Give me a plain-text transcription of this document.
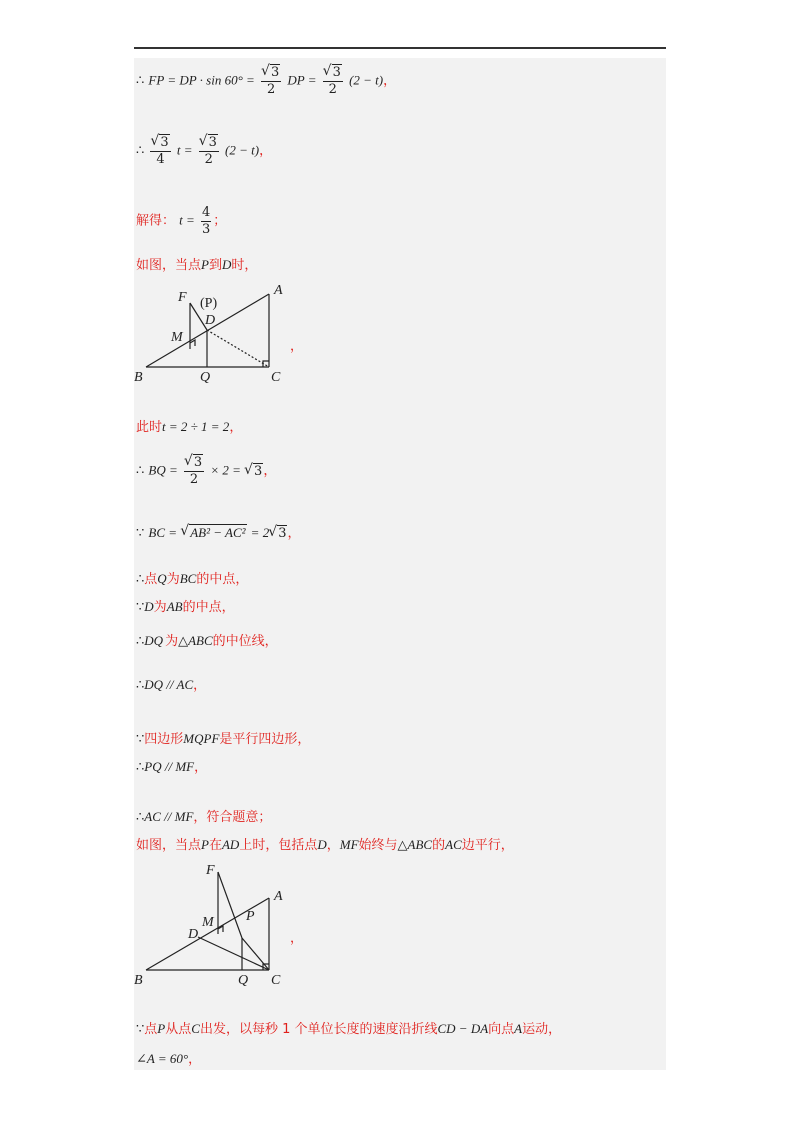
∴ FP = DP · sin 60° = √ $\frac{3}{2}$ DP = √ $\frac{3}{2} (2 - t)$，
∴ √ $\frac{3}{4}$ t = √ $\frac{3}{2} (2 - t)$，
解得： $t = \frac{4}{3}$ ；
如图，当点P到D时，
F (P)
D
A
M
B	Q	C
，
此时t = 2 ÷ 1 = 2，
∴ BQ = √ $\frac{3}{2} \times 2$ = √ 3，
∵ BC = √ AB² − AC² = 2 √ 3，
∴点Q为BC的中点，
∵D为AB的中点，
∴DQ 为△ABC的中位线，
∴DQ // AC，
∵四边形MQPF是平行四边形，
∴PQ // MF，
∴AC // MF，符合题意；
如图，当点P在AD上时，包括点D，MF始终与△ABC的AC边平行，
F
A
M P
D
B	Q C
，
∵点P从点C出发，以每秒 1 个单位长度的速度沿折线CD − DA向点A运动，
∠A = 60°，
